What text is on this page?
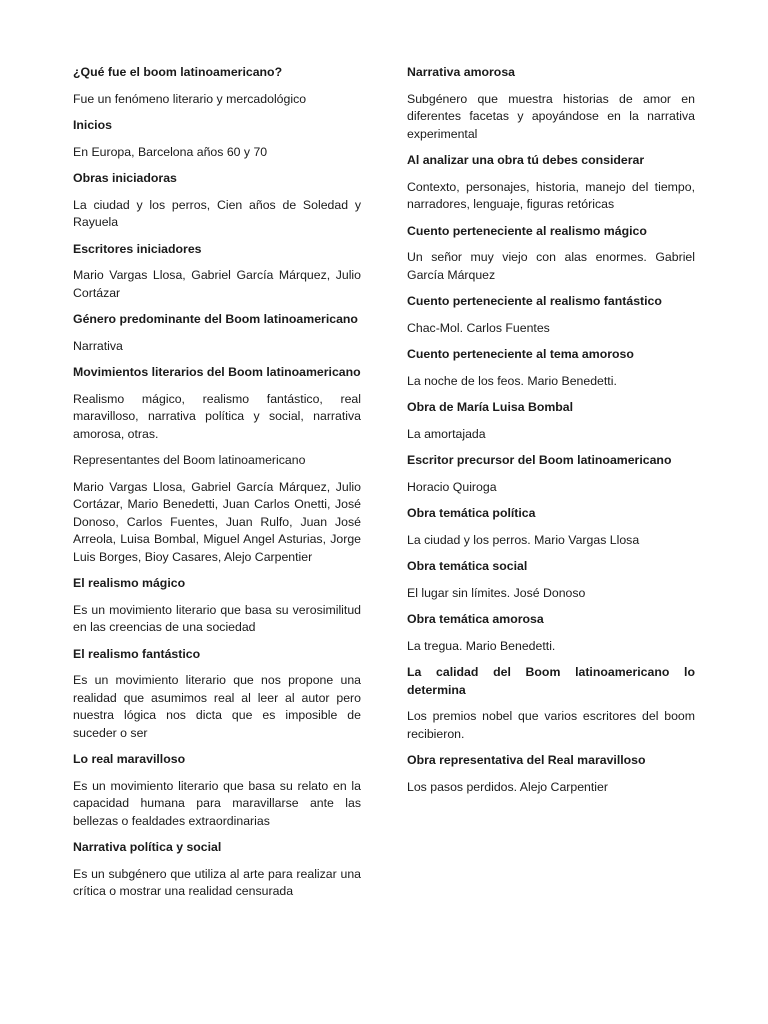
¿Qué fue el boom latinoamericano?

Fue un fenómeno literario y mercadológico

Inicios

En Europa, Barcelona años 60 y 70

Obras iniciadoras

La ciudad y los perros, Cien años de Soledad y Rayuela

Escritores iniciadores

Mario Vargas Llosa, Gabriel García Márquez, Julio Cortázar

Género predominante del Boom latinoamericano

Narrativa

Movimientos literarios del Boom latinoamericano

Realismo mágico, realismo fantástico, real maravilloso, narrativa política y social, narrativa amorosa, otras.

Representantes del Boom latinoamericano

Mario Vargas Llosa, Gabriel García Márquez, Julio Cortázar, Mario Benedetti, Juan Carlos Onetti, José Donoso, Carlos Fuentes, Juan Rulfo, Juan José Arreola, Luisa Bombal, Miguel Angel Asturias, Jorge Luis Borges, Bioy Casares, Alejo Carpentier

El realismo mágico

Es un movimiento literario que basa su verosimilitud en las creencias de una sociedad

El realismo fantástico

Es un movimiento literario que nos propone una realidad que asumimos real al leer al autor pero nuestra lógica nos dicta que es imposible de suceder o ser

Lo real maravilloso

Es un movimiento literario que basa su relato en la capacidad humana para maravillarse ante las bellezas o fealdades extraordinarias

Narrativa política y social

Es un subgénero que utiliza al arte para realizar una crítica o mostrar una realidad censurada

Narrativa amorosa

Subgénero que muestra historias de amor en diferentes facetas y apoyándose en la narrativa experimental

Al analizar una obra tú debes considerar

Contexto, personajes, historia, manejo del tiempo, narradores, lenguaje, figuras retóricas

Cuento perteneciente al realismo mágico

Un señor muy viejo con alas enormes. Gabriel García Márquez

Cuento perteneciente al realismo fantástico

Chac-Mol. Carlos Fuentes

Cuento perteneciente al tema amoroso

La noche de los feos. Mario Benedetti.

Obra de María Luisa Bombal

La amortajada

Escritor precursor del Boom latinoamericano

Horacio Quiroga

Obra temática política

La ciudad y los perros. Mario Vargas Llosa

Obra temática social

El lugar sin límites. José Donoso

Obra temática amorosa

La tregua. Mario Benedetti.

La calidad del Boom latinoamericano lo determina

Los premios nobel que varios escritores del boom recibieron.

Obra representativa del Real maravilloso

Los pasos perdidos. Alejo Carpentier
